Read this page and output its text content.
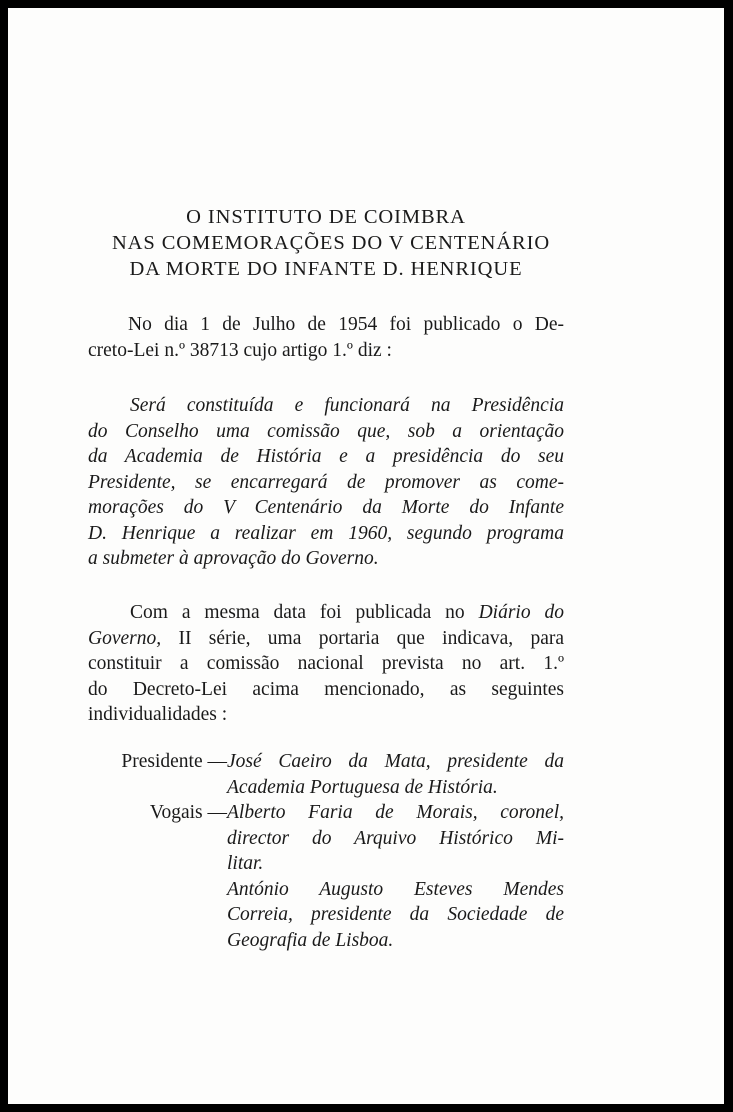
O INSTITUTO DE COIMBRA
NAS COMEMORAÇÕES DO V CENTENÁRIO
DA MORTE DO INFANTE D. HENRIQUE

No dia 1 de Julho de 1954 foi publicado o De-
creto-Lei n.º 38713 cujo artigo 1.º diz :

Será constituída e funcionará na Presidência
do Conselho uma comissão que, sob a orientação
da Academia de História e a presidência do seu
Presidente, se encarregará de promover as come-
morações do V Centenário da Morte do Infante
D. Henrique a realizar em 1960, segundo programa
a submeter à aprovação do Governo.

Com a mesma data foi publicada no Diário do
Governo, II série, uma portaria que indicava, para
constituir a comissão nacional prevista no art. 1.º
do Decreto-Lei acima mencionado, as seguintes
individualidades :

Presidente — José Caeiro da Mata, presidente da
Academia Portuguesa de História.
Vogais — Alberto Faria de Morais, coronel,
director do Arquivo Histórico Mi-
litar.
António Augusto Esteves Mendes
Correia, presidente da Sociedade de
Geografia de Lisboa.
